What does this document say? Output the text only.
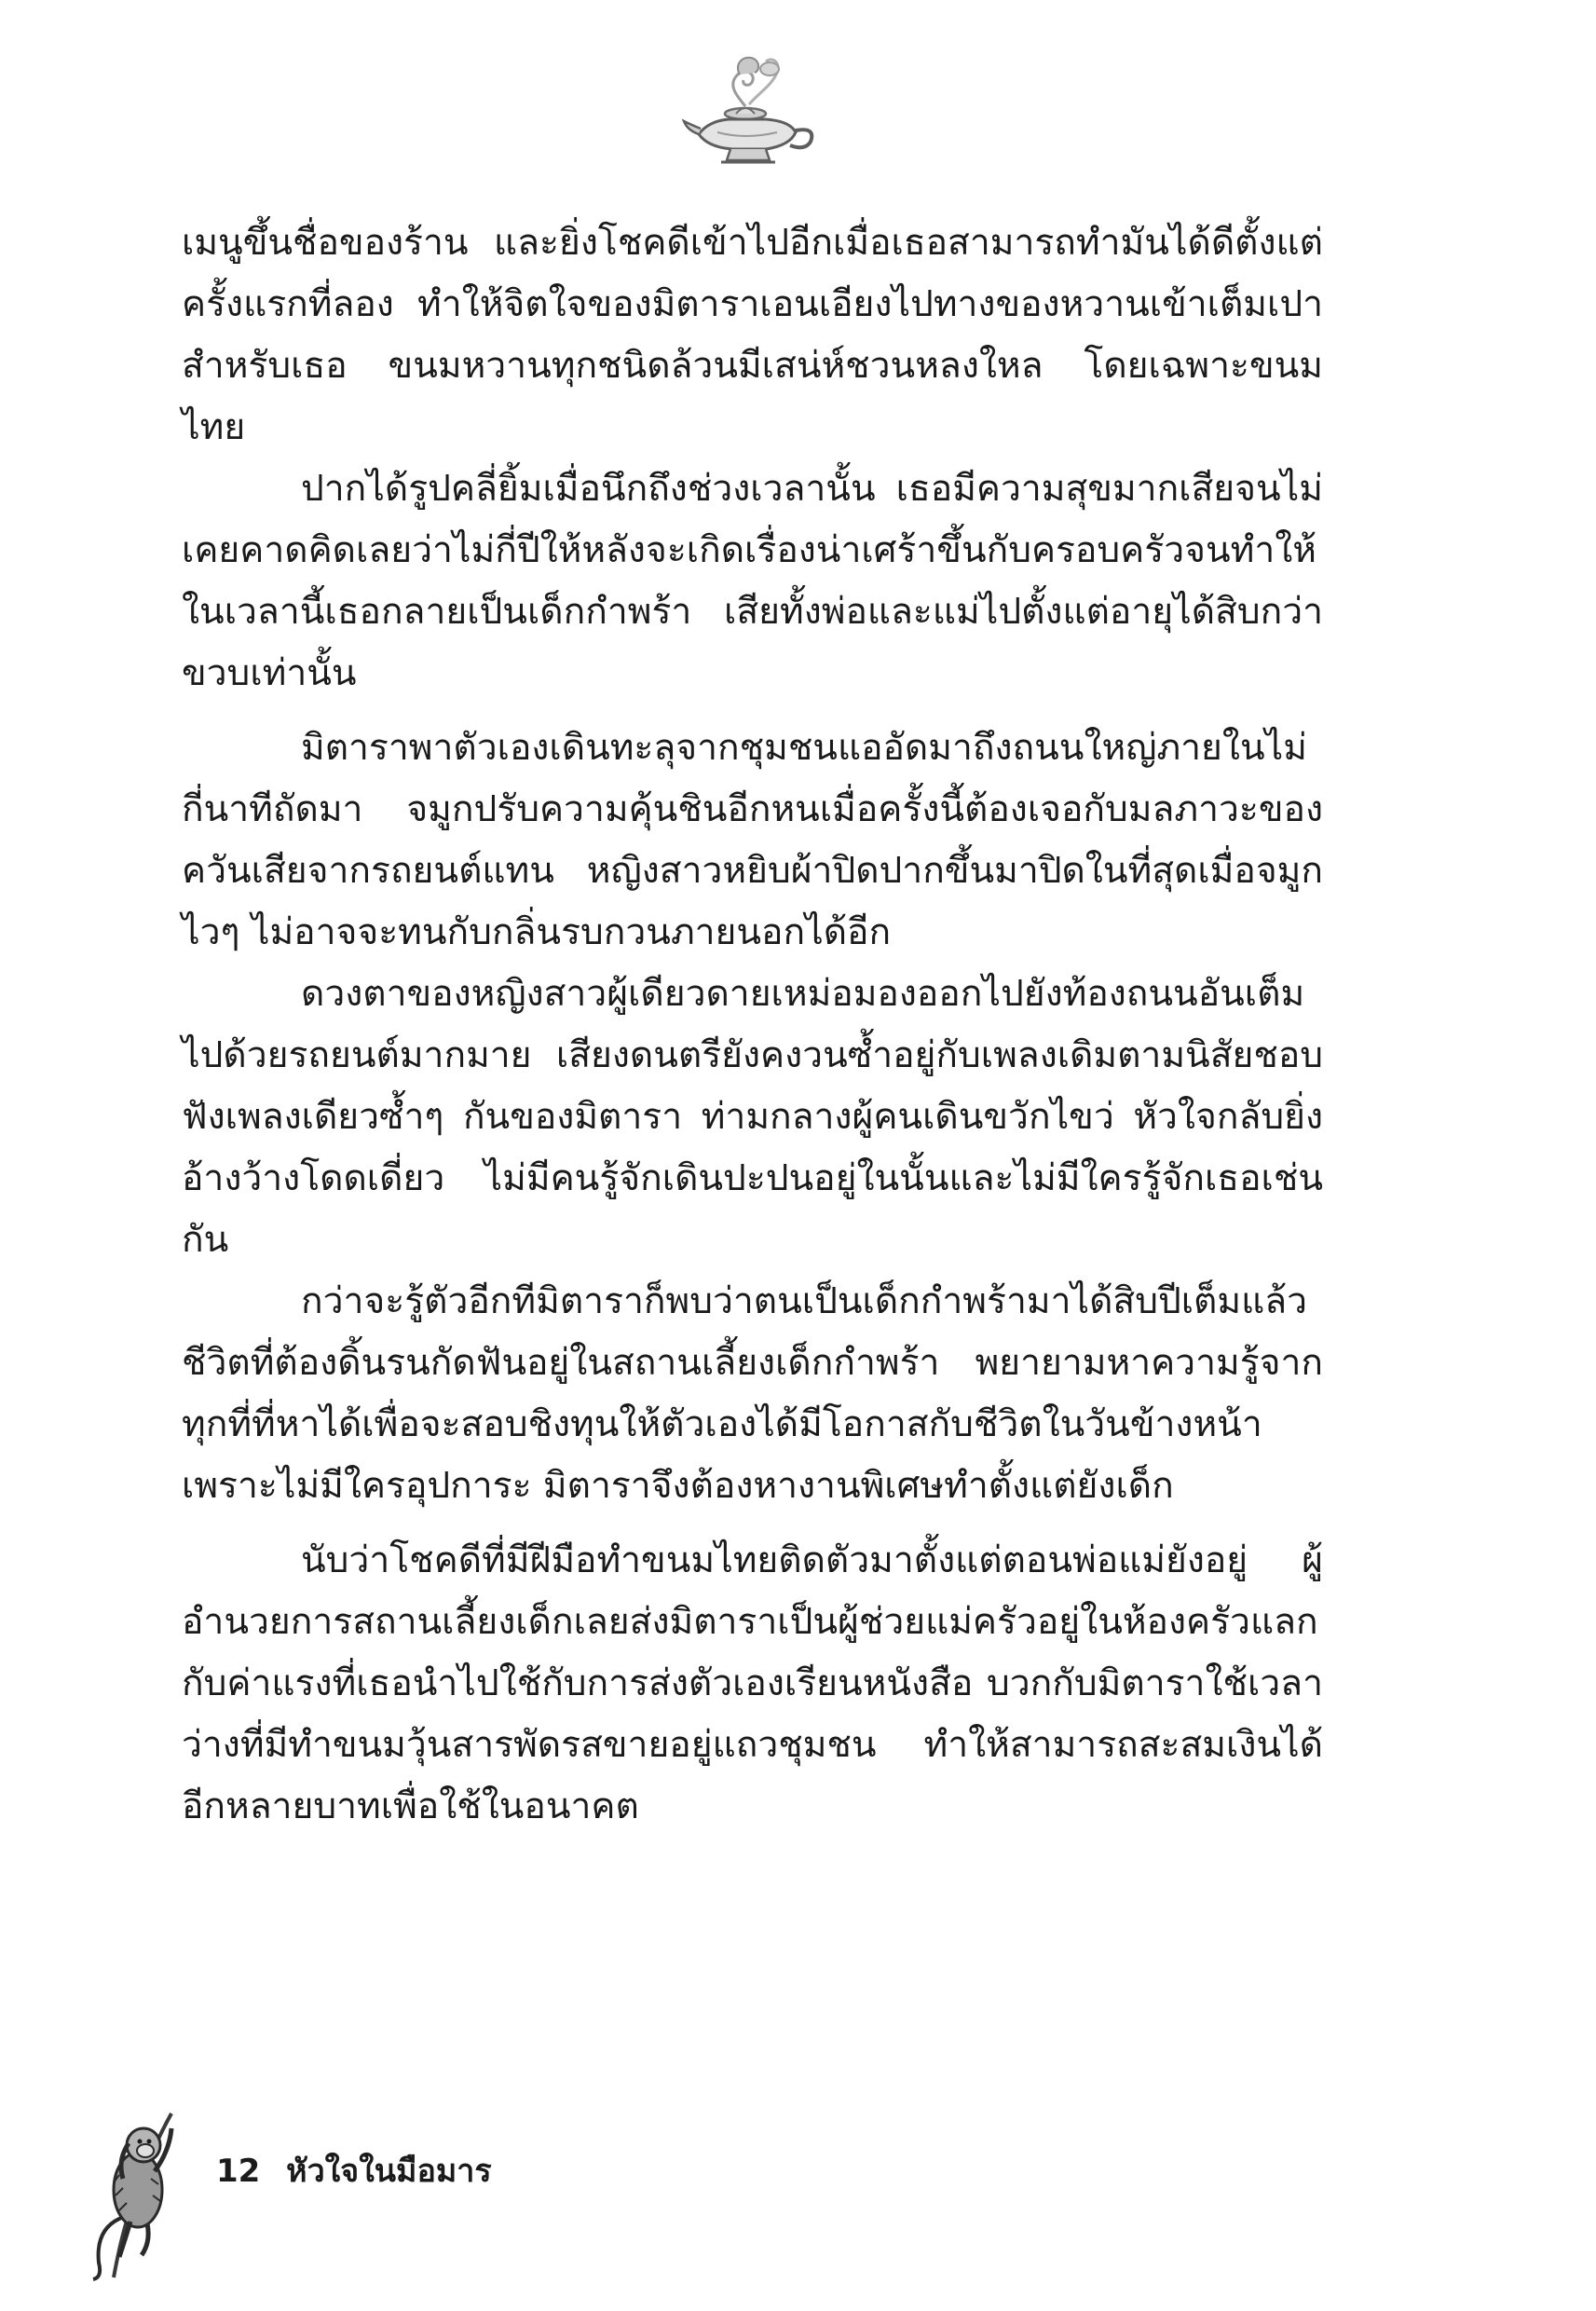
เมนูขึ้นชื่อของร้าน และยิ่งโชคดีเข้าไปอีกเมื่อเธอสามารถทำมันได้ดีตั้งแต่ครั้งแรกที่ลอง ทำให้จิตใจของมิตาราเอนเอียงไปทางของหวานเข้าเต็มเปาสำหรับเธอ ขนมหวานทุกชนิดล้วนมีเสน่ห์ชวนหลงใหล โดยเฉพาะขนมไทย

ปากได้รูปคลี่ยิ้มเมื่อนึกถึงช่วงเวลานั้น เธอมีความสุขมากเสียจนไม่เคยคาดคิดเลยว่าไม่กี่ปีให้หลังจะเกิดเรื่องน่าเศร้าขึ้นกับครอบครัวจนทำให้ในเวลานี้เธอกลายเป็นเด็กกำพร้า เสียทั้งพ่อและแม่ไปตั้งแต่อายุได้สิบกว่าขวบเท่านั้น

มิตาราพาตัวเองเดินทะลุจากชุมชนแออัดมาถึงถนนใหญ่ภายในไม่กี่นาทีถัดมา จมูกปรับความคุ้นชินอีกหนเมื่อครั้งนี้ต้องเจอกับมลภาวะของควันเสียจากรถยนต์แทน หญิงสาวหยิบผ้าปิดปากขึ้นมาปิดในที่สุดเมื่อจมูกไวๆ ไม่อาจจะทนกับกลิ่นรบกวนภายนอกได้อีก

ดวงตาของหญิงสาวผู้เดียวดายเหม่อมองออกไปยังท้องถนนอันเต็มไปด้วยรถยนต์มากมาย เสียงดนตรียังคงวนซ้ำอยู่กับเพลงเดิมตามนิสัยชอบฟังเพลงเดียวซ้ำๆ กันของมิตารา ท่ามกลางผู้คนเดินขวักไขว่ หัวใจกลับยิ่งอ้างว้างโดดเดี่ยว ไม่มีคนรู้จักเดินปะปนอยู่ในนั้นและไม่มีใครรู้จักเธอเช่นกัน

กว่าจะรู้ตัวอีกทีมิตาราก็พบว่าตนเป็นเด็กกำพร้ามาได้สิบปีเต็มแล้ว ชีวิตที่ต้องดิ้นรนกัดฟันอยู่ในสถานเลี้ยงเด็กกำพร้า พยายามหาความรู้จากทุกที่ที่หาได้เพื่อจะสอบชิงทุนให้ตัวเองได้มีโอกาสกับชีวิตในวันข้างหน้า เพราะไม่มีใครอุปการะ มิตาราจึงต้องหางานพิเศษทำตั้งแต่ยังเด็ก

นับว่าโชคดีที่มีฝีมือทำขนมไทยติดตัวมาตั้งแต่ตอนพ่อแม่ยังอยู่ ผู้อำนวยการสถานเลี้ยงเด็กเลยส่งมิตาราเป็นผู้ช่วยแม่ครัวอยู่ในห้องครัวแลกกับค่าแรงที่เธอนำไปใช้กับการส่งตัวเองเรียนหนังสือ บวกกับมิตาราใช้เวลาว่างที่มีทำขนมวุ้นสารพัดรสขายอยู่แถวชุมชน ทำให้สามารถสะสมเงินได้อีกหลายบาทเพื่อใช้ในอนาคต

12 หัวใจในมือมาร
